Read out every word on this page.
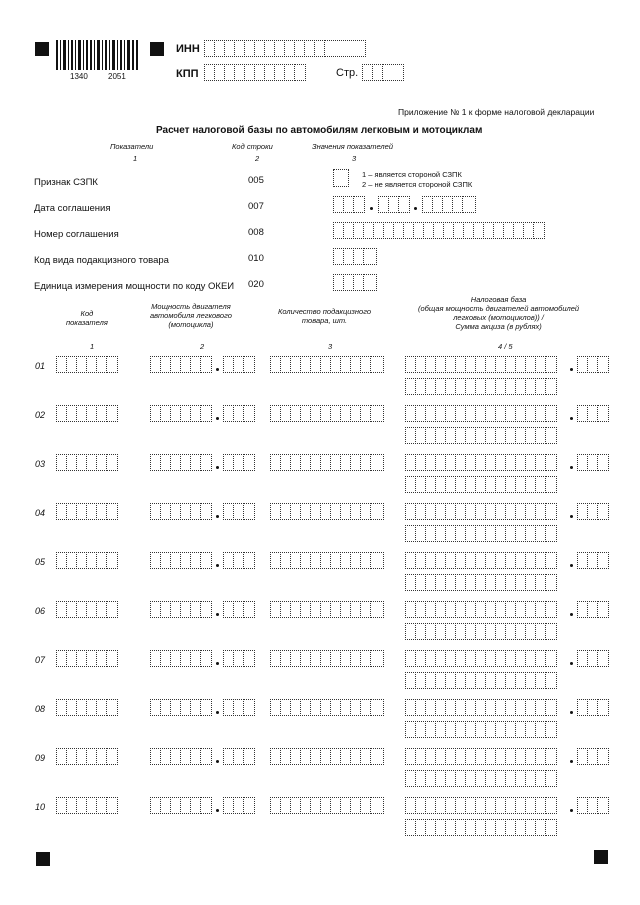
1340	2051
ИНН
КПП	Стр.
Приложение № 1 к форме налоговой декларации
Расчет налоговой базы по автомобилям легковым и мотоциклам
Показатели	Код строки	Значения показателей
1	2	3
Признак СЗПК	005
1 – является стороной СЗПК
2 – не является стороной СЗПК
Дата соглашения	007
Номер соглашения	008
Код вида подакцизного товара	010
Единица измерения мощности по коду ОКЕИ 020
Код
показателя
Мощность двигателя
автомобиля легкового
(мотоцикла)
Количество подакцизного
товара, шт.
Налоговая база
(общая мощность двигателей автомобилей
легковых (мотоциклов)) /
Сумма акциза (в рублях)
1	2	3	4 / 5
01
02
03
04
05
06
07
08
09
10
